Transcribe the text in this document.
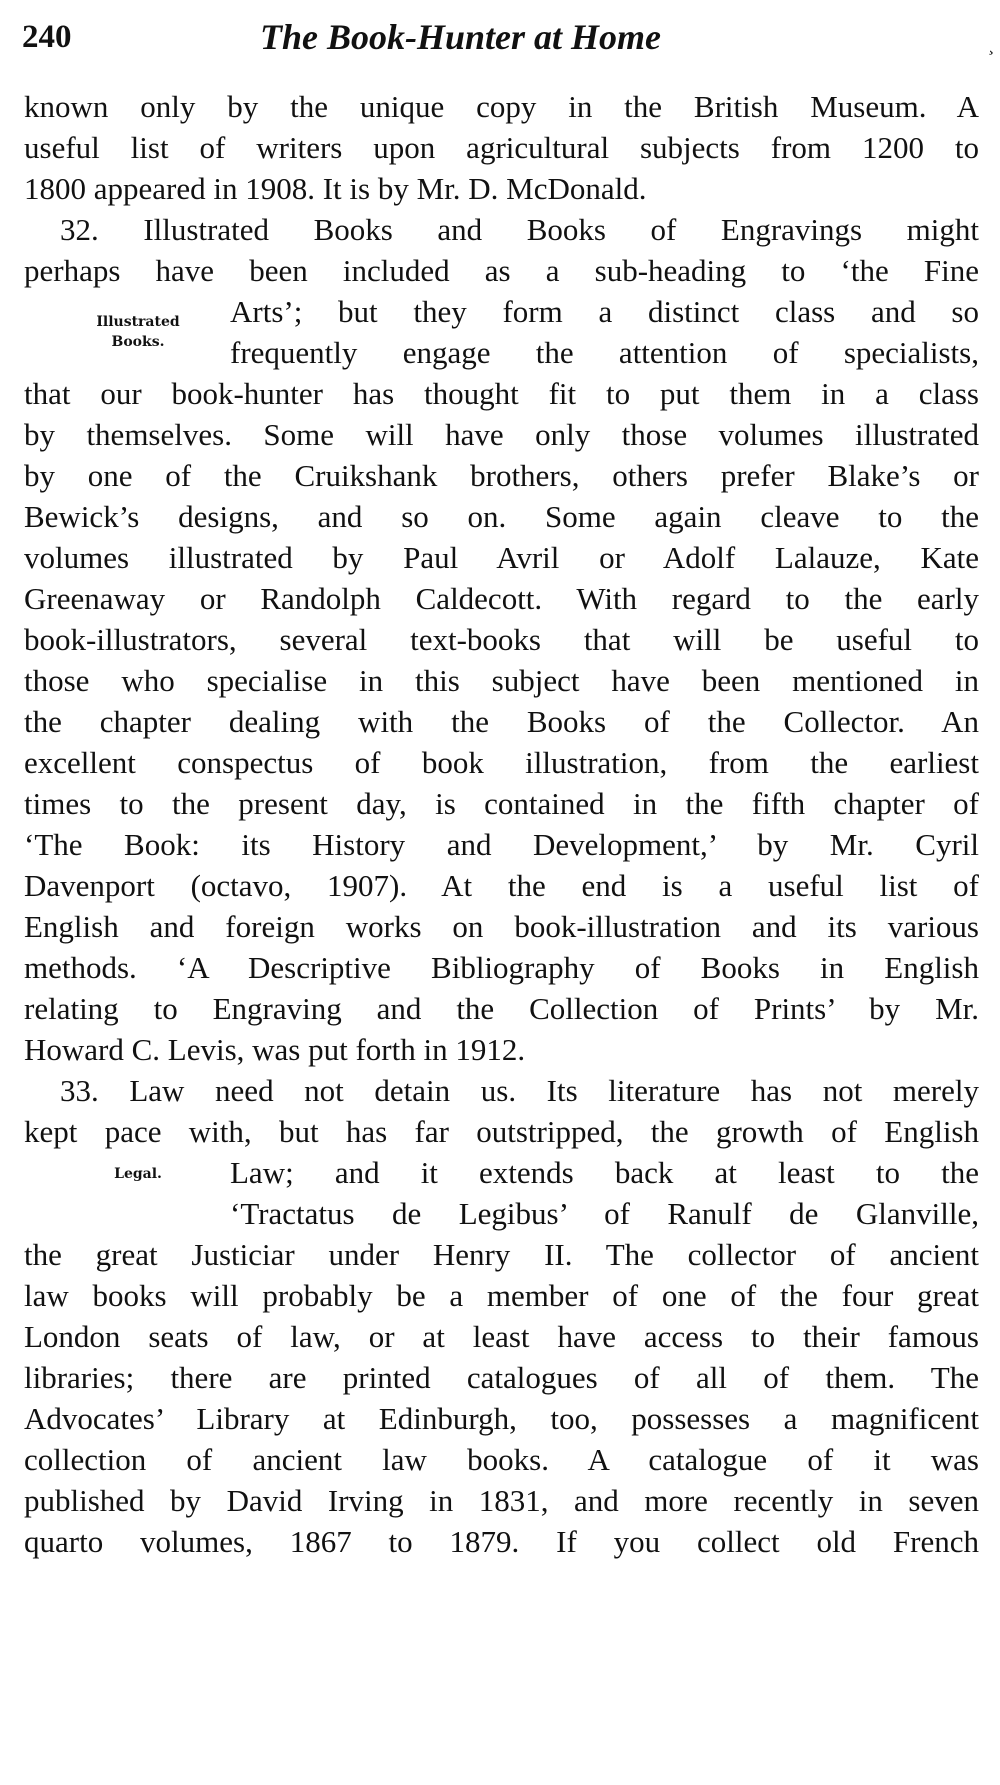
240	The Book-Hunter at Home	¸
known only by the unique copy in the British Museum. A
useful list of writers upon agricultural subjects from 1200 to
1800 appeared in 1908. It is by Mr. D. McDonald.
32. Illustrated Books and Books of Engravings might
perhaps have been included as a sub-heading to ‘the Fine
Arts’; but they form a distinct class and so
frequently engage the attention of specialists,
that our book-hunter has thought fit to put them in a class
by themselves. Some will have only those volumes illustrated
by one of the Cruikshank brothers, others prefer Blake’s or
Bewick’s designs, and so on. Some again cleave to the
volumes illustrated by Paul Avril or Adolf Lalauze, Kate
Greenaway or Randolph Caldecott. With regard to the early
book-illustrators, several text-books that will be useful to
those who specialise in this subject have been mentioned in
the chapter dealing with the Books of the Collector. An
excellent conspectus of book illustration, from the earliest
times to the present day, is contained in the fifth chapter of
‘The Book: its History and Development,’ by Mr. Cyril
Davenport (octavo, 1907). At the end is a useful list of
English and foreign works on book-illustration and its various
methods. ‘A Descriptive Bibliography of Books in English
relating to Engraving and the Collection of Prints’ by Mr.
Howard C. Levis, was put forth in 1912.
33. Law need not detain us. Its literature has not merely
kept pace with, but has far outstripped, the growth of English
Law; and it extends back at least to the
‘Tractatus de Legibus’ of Ranulf de Glanville,
the great Justiciar under Henry II. The collector of ancient
law books will probably be a member of one of the four great
London seats of law, or at least have access to their famous
libraries; there are printed catalogues of all of them. The
Advocates’ Library at Edinburgh, too, possesses a magnificent
collection of ancient law books. A catalogue of it was
published by David Irving in 1831, and more recently in seven
quarto volumes, 1867 to 1879. If you collect old French
Illustrated
Books.
Legal.
